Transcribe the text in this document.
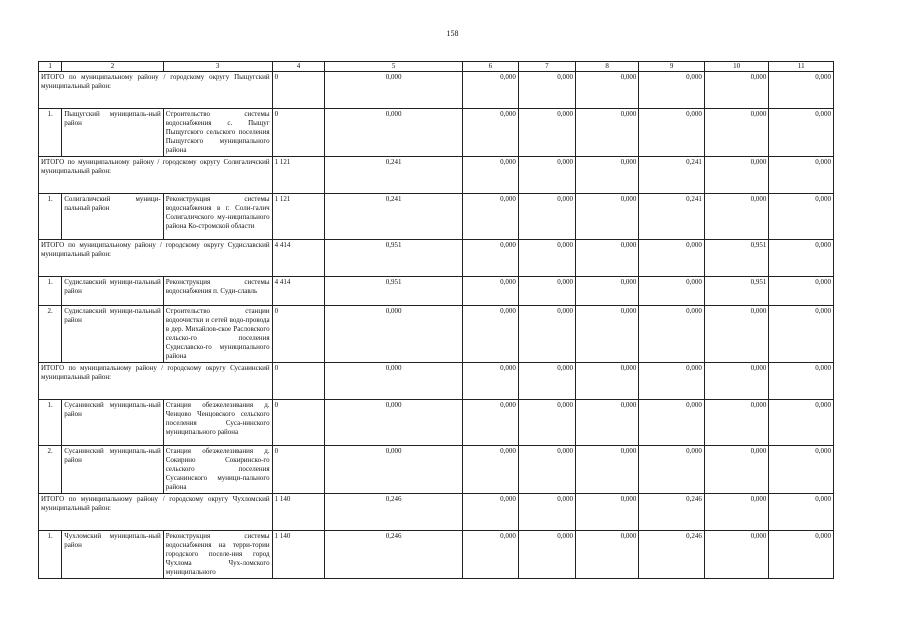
158
1	2	3	4	5	6	7	8	9	10	11
ИТОГО по муниципальному району / городскому округу Пыщугский муниципальный район:			0	0,000	0,000	0,000	0,000	0,000	0,000	0,000
1.	Пыщугский муниципаль-ный район	Строительство системы водоснабжения с. Пыщуг Пыщугского сельского поселения Пыщугского муниципального района	0	0,000	0,000	0,000	0,000	0,000	0,000	0,000
ИТОГО по муниципальному району / городскому округу Солигаличский муниципальный район:			1 121	0,241	0,000	0,000	0,000	0,241	0,000	0,000
1.	Солигаличский муници-пальный район	Реконструкция системы водоснабжения в г. Соли-галич Солигаличского му-ниципального района Ко-стромской области	1 121	0,241	0,000	0,000	0,000	0,241	0,000	0,000
ИТОГО по муниципальному району / городскому округу Судиславский муниципальный район:			4 414	0,951	0,000	0,000	0,000	0,000	0,951	0,000
1.	Судиславский муници-пальный район	Реконструкция системы водоснабжения п. Суди-славль	4 414	0,951	0,000	0,000	0,000	0,000	0,951	0,000
2.	Судиславский муници-пальный район	Строительство станции водоочистки и сетей водо-провода в дер. Михайлов-ское Расловского сельско-го поселения Судиславско-го муниципального района	0	0,000	0,000	0,000	0,000	0,000	0,000	0,000
ИТОГО по муниципальному району / городскому округу Сусанинский муниципальный район:			0	0,000	0,000	0,000	0,000	0,000	0,000	0,000
1.	Сусанинский муниципаль-ный район	Станция обезжелезивания д. Ченцово Ченцовского сельского поселения Суса-нинского муниципального района	0	0,000	0,000	0,000	0,000	0,000	0,000	0,000
2.	Сусанинский муниципаль-ный район	Станция обезжелезивания д. Сокирино Сокиринско-го сельского поселения Сусанинского муници-пального района	0	0,000	0,000	0,000	0,000	0,000	0,000	0,000
ИТОГО по муниципальному району / городскому округу Чухломский муниципальный район:			1 140	0,246	0,000	0,000	0,000	0,246	0,000	0,000
1.	Чухломский муниципаль-ный район	Реконструкция системы водоснабжения на терри-тории городского поселе-ния город Чухлома Чух-ломского муниципального	1 140	0,246	0,000	0,000	0,000	0,246	0,000	0,000
